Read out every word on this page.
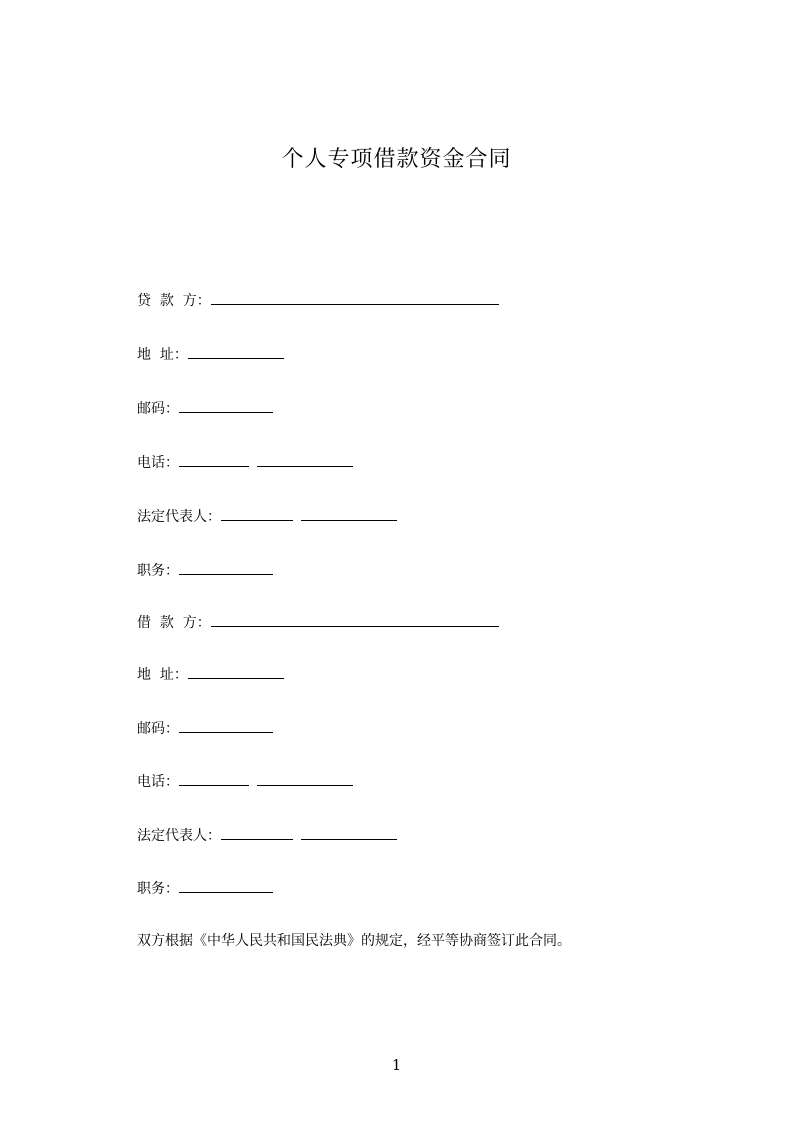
个人专项借款资金合同
贷  款  方：
地  址：
邮码：
电话：
法定代表人：
职务：
借  款  方：
地  址：
邮码：
电话：
法定代表人：
职务：
双方根据《中华人民共和国民法典》的规定，经平等协商签订此合同。
1
